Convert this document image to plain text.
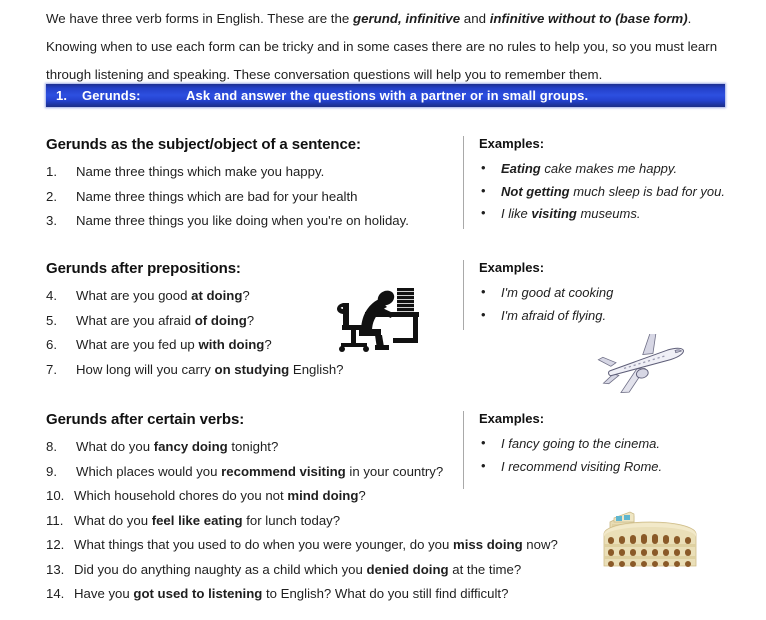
We have three verb forms in English. These are the gerund, infinitive and infinitive without to (base form). Knowing when to use each form can be tricky and in some cases there are no rules to help you, so you must learn through listening and speaking. These conversation questions will help you to remember them.

1.	Gerunds:	Ask and answer the questions with a partner or in small groups.
Gerunds as the subject/object of a sentence:
1.	Name three things which make you happy.
2.	Name three things which are bad for your health
3.	Name three things you like doing when you're on holiday.
Examples:
• Eating cake makes me happy.
• Not getting much sleep is bad for you.
• I like visiting museums.
Gerunds after prepositions:
4.	What are you good at doing?
5.	What are you afraid of doing?
6.	What are you fed up with doing?
7.	How long will you carry on studying English?
Examples:
• I'm good at cooking
• I'm afraid of flying.
Gerunds after certain verbs:
8.	What do you fancy doing tonight?
9.	Which places would you recommend visiting in your country?
10. Which household chores do you not mind doing?
11. What do you feel like eating for lunch today?
12. What things that you used to do when you were younger, do you miss doing now?
13. Did you do anything naughty as a child which you denied doing at the time?
14. Have you got used to listening to English? What do you still find difficult?
Examples:
• I fancy going to the cinema.
• I recommend visiting Rome.
